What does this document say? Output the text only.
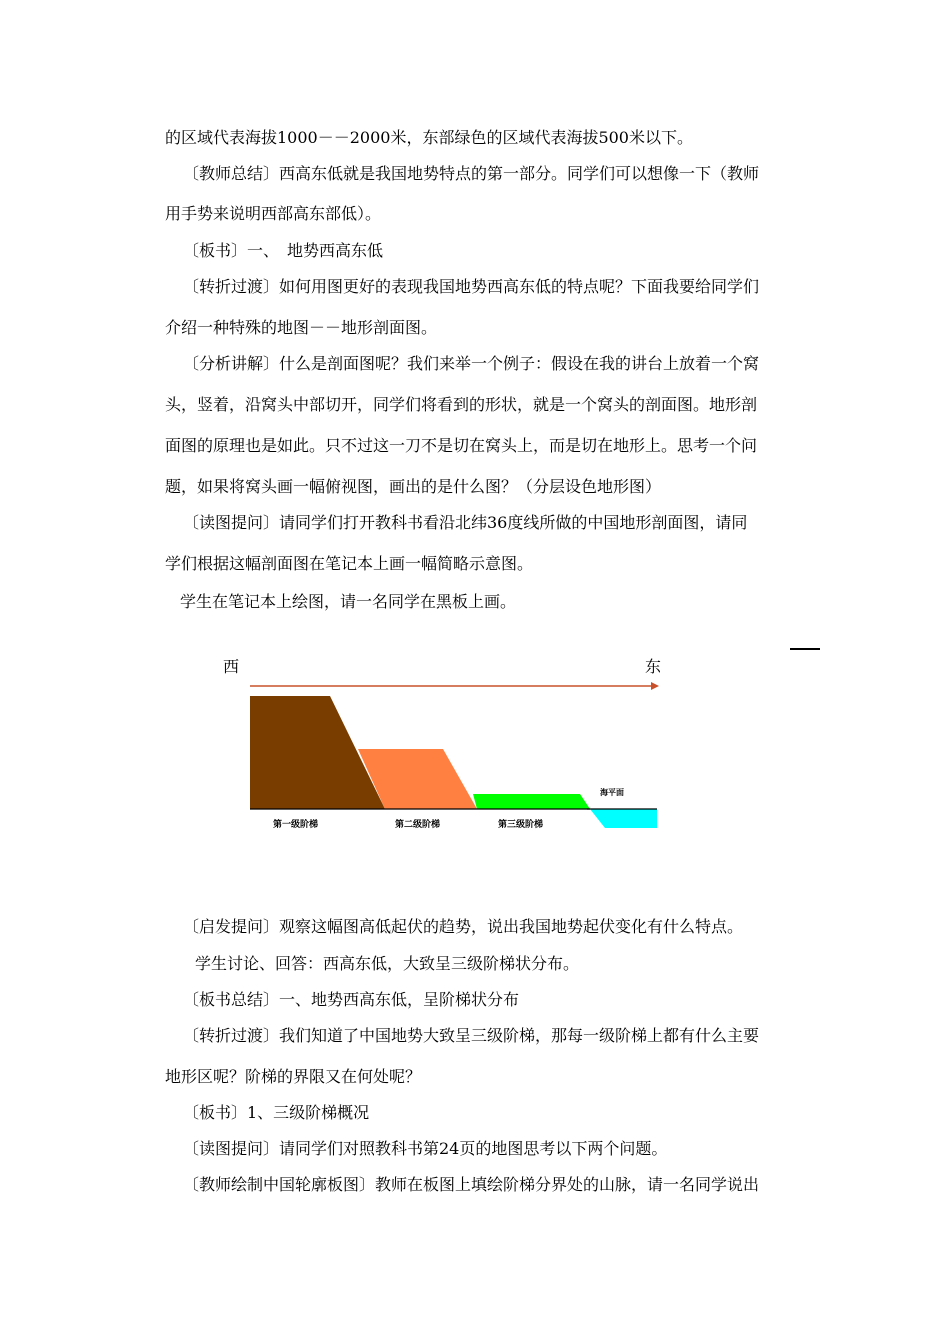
的区域代表海拔1000－－2000米，东部绿色的区域代表海拔500米以下。
〔教师总结〕西高东低就是我国地势特点的第一部分。同学们可以想像一下（教师
用手势来说明西部高东部低）。
〔板书〕一、　地势西高东低
〔转折过渡〕如何用图更好的表现我国地势西高东低的特点呢？下面我要给同学们
介绍一种特殊的地图－－地形剖面图。
〔分析讲解〕什么是剖面图呢？我们来举一个例子：假设在我的讲台上放着一个窝
头，竖着，沿窝头中部切开，同学们将看到的形状，就是一个窝头的剖面图。地形剖
面图的原理也是如此。只不过这一刀不是切在窝头上，而是切在地形上。思考一个问
题，如果将窝头画一幅俯视图，画出的是什么图？（分层设色地形图）
〔读图提问〕请同学们打开教科书看沿北纬36度线所做的中国地形剖面图，请同
学们根据这幅剖面图在笔记本上画一幅简略示意图。
学生在笔记本上绘图，请一名同学在黑板上画。
西	东
海平面
第一级阶梯	第二级阶梯	第三级阶梯
〔启发提问〕观察这幅图高低起伏的趋势，说出我国地势起伏变化有什么特点。
学生讨论、回答：西高东低，大致呈三级阶梯状分布。
〔板书总结〕一、地势西高东低，呈阶梯状分布
〔转折过渡〕我们知道了中国地势大致呈三级阶梯，那每一级阶梯上都有什么主要
地形区呢？阶梯的界限又在何处呢？
〔板书〕1、三级阶梯概况
〔读图提问〕请同学们对照教科书第24页的地图思考以下两个问题。
〔教师绘制中国轮廓板图〕教师在板图上填绘阶梯分界处的山脉，请一名同学说出
